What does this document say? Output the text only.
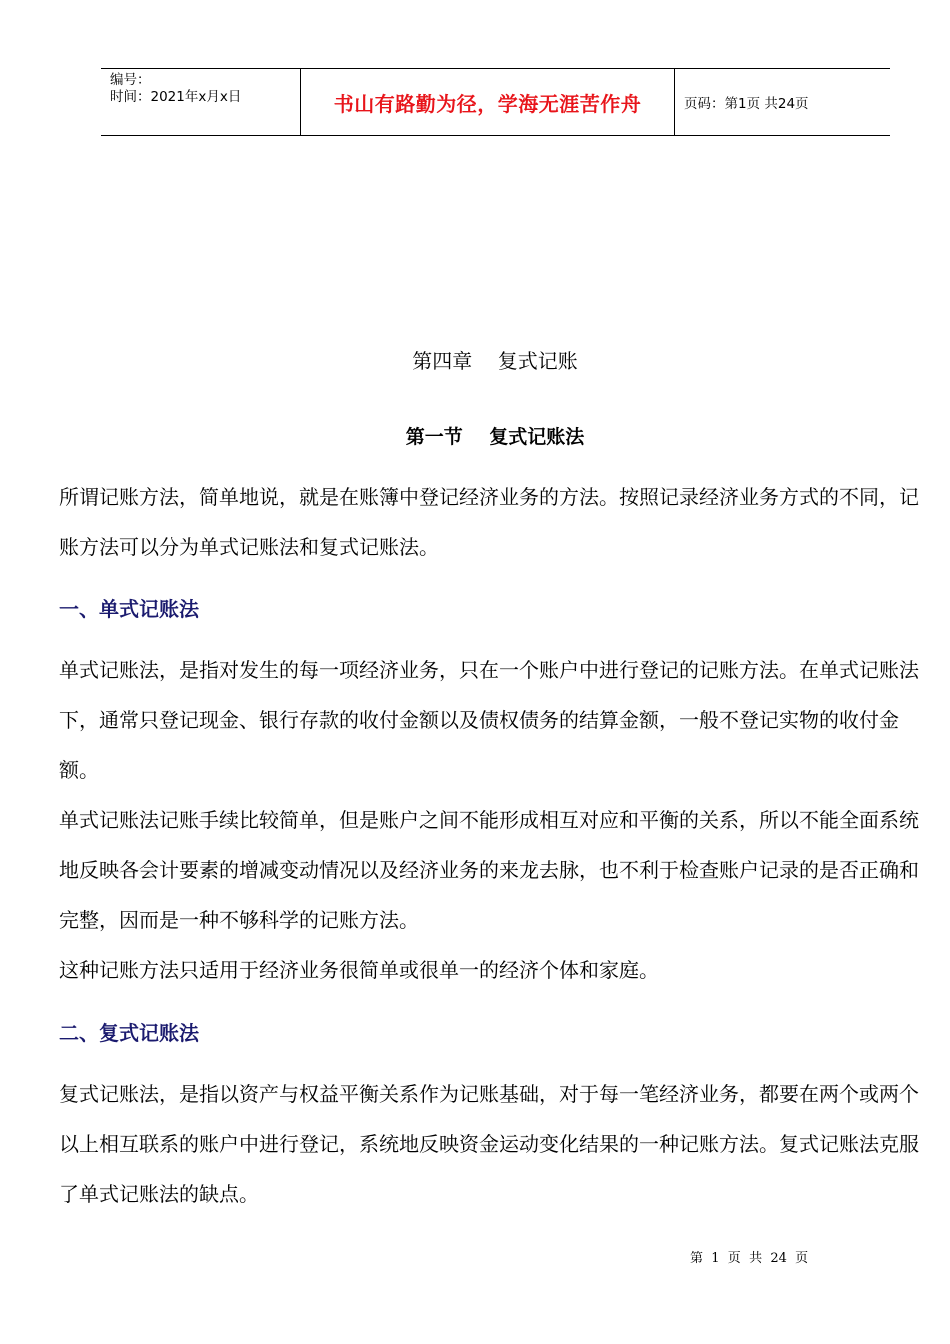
编号：
时间：2021年x月x日	书山有路勤为径，学海无涯苦作舟	页码：第1页 共24页
第四章    复式记账
第一节    复式记账法

所谓记账方法，简单地说，就是在账簿中登记经济业务的方法。按照记录经济业务方式的不同，记账方法可以分为单式记账法和复式记账法。

一、单式记账法

单式记账法，是指对发生的每一项经济业务，只在一个账户中进行登记的记账方法。在单式记账法下，通常只登记现金、银行存款的收付金额以及债权债务的结算金额，一般不登记实物的收付金额。

单式记账法记账手续比较简单，但是账户之间不能形成相互对应和平衡的关系，所以不能全面系统地反映各会计要素的增减变动情况以及经济业务的来龙去脉，也不利于检查账户记录的是否正确和完整，因而是一种不够科学的记账方法。

这种记账方法只适用于经济业务很简单或很单一的经济个体和家庭。

二、复式记账法

复式记账法，是指以资产与权益平衡关系作为记账基础，对于每一笔经济业务，都要在两个或两个以上相互联系的账户中进行登记，系统地反映资金运动变化结果的一种记账方法。复式记账法克服了单式记账法的缺点。

第  1  页  共  24  页
